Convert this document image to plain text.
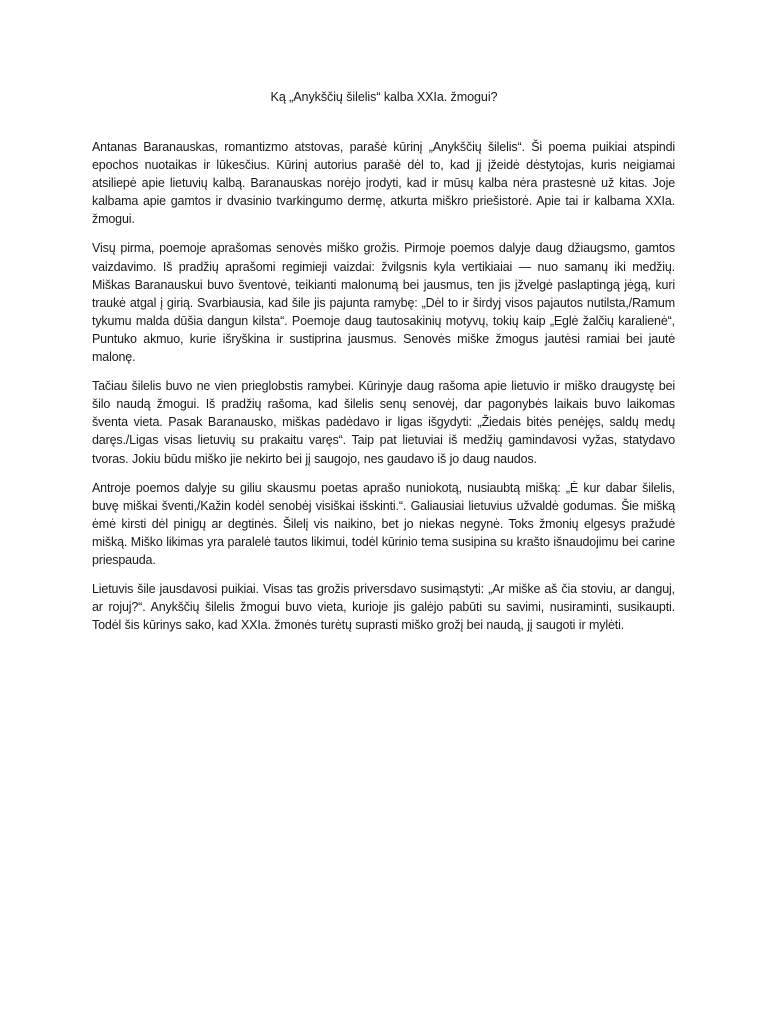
Ką „Anykščių šilelis“ kalba XXIa. žmogui?

Antanas Baranauskas, romantizmo atstovas, parašė kūrinį „Anykščių šilelis“. Ši poema puikiai atspindi epochos nuotaikas ir lūkesčius. Kūrinį autorius parašė dėl to, kad jį įžeidė dėstytojas, kuris neigiamai atsiliepė apie lietuvių kalbą. Baranauskas norėjo įrodyti, kad ir mūsų kalba nėra prastesnė už kitas. Joje kalbama apie gamtos ir dvasinio tvarkingumo dermę, atkurta miškro priešistorė. Apie tai ir kalbama XXIa. žmogui.

Visų pirma, poemoje aprašomas senovės miško grožis. Pirmoje poemos dalyje daug džiaugsmo, gamtos vaizdavimo. Iš pradžių aprašomi regimieji vaizdai: žvilgsnis kyla vertikiaiai — nuo samanų iki medžių. Miškas Baranauskui buvo šventovė, teikianti malonumą bei jausmus, ten jis įžvelgė paslaptingą jėgą, kuri traukė atgal į girią. Svarbiausia, kad šile jis pajunta ramybę: „Dėl to ir širdyj visos pajautos nutilsta,/Ramum tykumu malda dūšia dangun kilsta“. Poemoje daug tautosakinių motyvų, tokių kaip „Eglė žalčių karalienė“, Puntuko akmuo, kurie išryškina ir sustiprina jausmus. Senovės miške žmogus jautėsi ramiai bei jautė malonę.

Tačiau šilelis buvo ne vien prieglobstis ramybei. Kūrinyje daug rašoma apie lietuvio ir miško draugystę bei šilo naudą žmogui. Iš pradžių rašoma, kad šilelis senų senovėj, dar pagonybės laikais buvo laikomas šventa vieta. Pasak Baranausko, miškas padėdavo ir ligas išgydyti: „Žiedais bitės penėjęs, saldų medų daręs./Ligas visas lietuvių su prakaitu varęs“. Taip pat lietuviai iš medžių gamindavosi vyžas, statydavo tvoras. Jokiu būdu miško jie nekirto bei jį saugojo, nes gaudavo iš jo daug naudos.

Antroje poemos dalyje su giliu skausmu poetas aprašo nuniokotą, nusiaubtą mišką: „Ė kur dabar šilelis, buvę miškai šventi,/Kažin kodėl senobėj visiškai išskinti.“. Galiausiai lietuvius užvaldė godumas. Šie mišką ėmė kirsti dėl pinigų ar degtinės. Šilelį vis naikino, bet jo niekas negynė. Toks žmonių elgesys pražudė mišką. Miško likimas yra paralelė tautos likimui, todėl kūrinio tema susipina su krašto išnaudojimu bei carine priespauda.

Lietuvis šile jausdavosi puikiai. Visas tas grožis priversdavo susimąstyti: „Ar miške aš čia stoviu, ar danguj, ar rojuj?“. Anykščių šilelis žmogui buvo vieta, kurioje jis galėjo pabūti su savimi, nusiraminti, susikaupti. Todėl šis kūrinys sako, kad XXIa. žmonės turėtų suprasti miško grožį bei naudą, jį saugoti ir mylėti.
